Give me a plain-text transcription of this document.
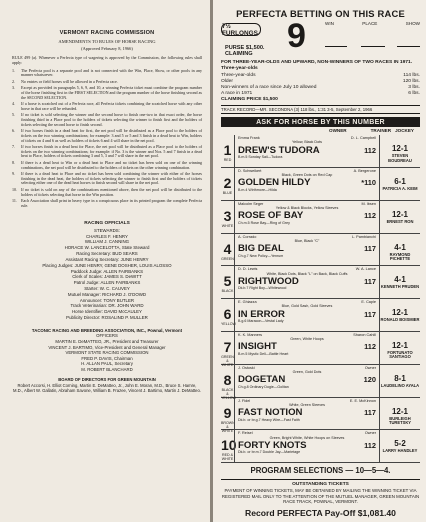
VERMONT RACING COMMISSION
AMENDMENTS TO RULES OF HORSE RACING
(Approved February 8, 1966)
RULE 499 (a). Whenever a Perfecta type of wagering is approved by the Commission, the following rules shall apply:
1.	The Perfecta pool is a separate pool and is not connected with the Win, Place, Show, or other pools in any manner whatsoever.
2.	No entries or field horses will be allowed in a Perfecta race.
3.	Except as provided in paragraphs 5, 6, 9, and 10, a winning Perfecta ticket must combine the program number of the horse finishing first in the FIRST SELECTION and the program number of the horse finishing second as the SECOND SELECTION.
4.	If a horse is scratched out of a Perfecta race, all Perfecta tickets combining the scratched horse with any other horse in that race will be refunded.
5.	If no ticket is sold selecting the winner and the second horse to finish one-two in that exact order, the horse finishing third in a Place pool to the holders of tickets selecting the winner to finish first and the holders of tickets selecting the second horse to finish second.
6.	If two horses finish in a dead heat for first, the net pool will be distributed as a Place pool to the holders of tickets on the two winning combinations; for example: 3 and 5 or 5 and 3 finish in a dead heat to Win, holders of tickets on 4 and 6 as well as holders of tickets 6 and 4 will share in the net pool.
7.	If two horses finish in a dead heat for Place, the net pool will be distributed as a Place pool to the holders of tickets on the two winning combinations; for example: if No. 3 is the winner and Nos. 5 and 7 finish in a dead heat to Place, holders of tickets combining 3 and 5, 3 and 7 will share in the net pool.
8.	If there is a dead heat to Win or a dead heat to Place and no ticket has been sold on one of the winning combinations, the net pool will be distributed to the holders of tickets on the other winning combination.
9.	If there is a dead heat to Place and no ticket has been sold combining the winner with either of the horses finishing in the dead heat, the holders of tickets selecting the winner to finish first and the holders of tickets selecting either one of the dead heat horses to finish second will share in the net pool.
10. If no ticket is sold on any of the combinations mentioned above, then the net pool will be distributed to the holders of tickets selecting that horse in the Win position.
11.	Each Association shall print in heavy type in a conspicuous place in its printed program the complete Perfecta rule.
RACING OFFICIALS
STEWARDS:
CHARLES F. HENRY
WILLIAM J. CANNING
HORACE W. LANCELOTTA, State Steward
Racing Secretary: BUD SEARS
Assistant Racing Secretary: JUNE HENRY
Placing Judges: JUNE HENRY, GENE DOSHER, LOUIS ALOSSO
Paddock Judge: ALLEN FAIRBANKS
Clerk of Scales: JAMES S. DeWITT
Patrol Judge: ALLEN FAIRBANKS
Starter: W. C. CAUVEY
Mutuel Manager: RICHARD J. O'DOWD
Announcer: TONY BUTLER
Track Veterinarian: DR. JOHN WARD
Horse Identifier: DAVID McCAULEY
Publicity Director: ROSALIND P. MULLER
TACONIC RACING AND BREEDING ASSOCIATION, INC., Pownal, Vermont
OFFICERS
MARTIN E. DeMATTEO, JR., President and Treasurer
VINCENT J. BARTIMO, Vice-President and General Manager
VERMONT STATE RACING COMMISSION
FRED P. DAVIS, Chairman
H. ALLAN PAUL, Secretary
M. ROBERT BLANCHARD
BOARD OF DIRECTORS FOR GREEN MOUNTAIN
Robert Accorsi, H. Elliot Corning, Martin E. DeMatteo, Jr., John E. Moran, M.D., Bruce S. Hamre, M.D., Albert W. Gallatin, Abraham Savone, William B. Frazee, Vincent J. Bartimo, Martin J. DeMatteo.
PERFECTA BETTING ON THIS RACE
7½ FURLONGS 9	WIN	PLACE	SHOW
PURSE $1,500.
CLAIMING
FOR THREE-YEAR-OLDS AND UPWARD, NON-WINNERS OF TWO RACES IN 1971. Three-year-olds
Three-year-olds	114 lbs.
Older	120 lbs.
Non-winners of a race since July 10 allowed	3 lbs.
A race in 1971	6 lbs.
CLAIMING PRICE $1,500
TRACK RECORD—MR. SECONDNA (3) 118 lbs., 1:31 3-5, September 2, 1966
ASK FOR HORSE BY THIS NUMBER
OWNER	TRAINER JOCKEY
1
RED
Emma Frank	D. L. Campbell
Yellow, Black Dots
DREW'S TUDORA	112
B.m.5 Sonday Sail—Tudora
12-1
STEVEN BOUDREAU
2
BLUE
D. Schweikert	A. Bergerone
Black, Green Dots on Red Cap
GOLDEN HILDY	*110
B.m.4 Wirthmore—Hilda
6-1
PATRICIA A. KEIM
3
WHITE
Malcolm Seger	M. Ibsen
Yellow & Black Blocks, Yellow Sleeves
ROSE OF BAY	112
Ch.m.5 Rose Bay—Ring of Grey
12-1
ERNEST RON
4
GREEN
A. Corrado	L. Pambianchi
Blue, Black "C"
BIG DEAL	117
Ch.g.7 New Policy—Yenrum
4-1
RAYMOND PICHETTE
5
BLACK
D. D. Lewis	W. A. Lance
White, Black Dots, Black "L" on Back, Black Cuffs
RIGHTWOOD	117
Dk.b.7 Right Boy—Whitewood
4-1
KENNETH PRUDEN
6
YELLOW
E. Ghiazza	E. Caple
Blue, Gold Sash, Gold Sleeves
IN ERROR	117
B.g.6 Maracon—Vestal Lady
12-1
RONALD BOISMIER
7
GREEN & WHITE
K. K. Manners	Sharon Cahill
Green, White Hoops
INSIGHT	112
B.m.5 Mystic Dell—Battle Heart
12-1
FORTUNATO SANTIAGO
8
BLACK & YELLOW
J. Ostoski	Owner
Green, Gold Dots
DOGETAN	120
Ch.g.8 Ordinary Dogie—Golitan
8-1
LAUDELINO AYALA
9
BROWN & WHITE
J. Fidel	E. E. McKinnon
White, Green Sleeves
FAST NOTION	117
Dk.b. or br.g.7 Heavy Wire—Fast Faith
12-1
BURLEIGH TURETSKY
10
RED & WHITE
F. Reisel	Owner
Green, Bright White, White Hoops on Sleeves
FORTY KNOTS	112
Dk.b. or br.m.7 Double Jay—Marietage
5-2
LARRY HANDLEY
PROGRAM SELECTIONS — 10—5—4.
OUTSTANDING TICKETS
PAYMENT OF WINNING TICKETS, MAY BE OBTAINED BY MAILING THE WINNING TICKET VIA REGISTERED MAIL ONLY TO THE ATTENTION OF THE MUTUEL MANAGER, GREEN MOUNTAIN RACE TRACK, POWNAL, VERMONT.
Record PERFECTA Pay-Off $1,081.40
